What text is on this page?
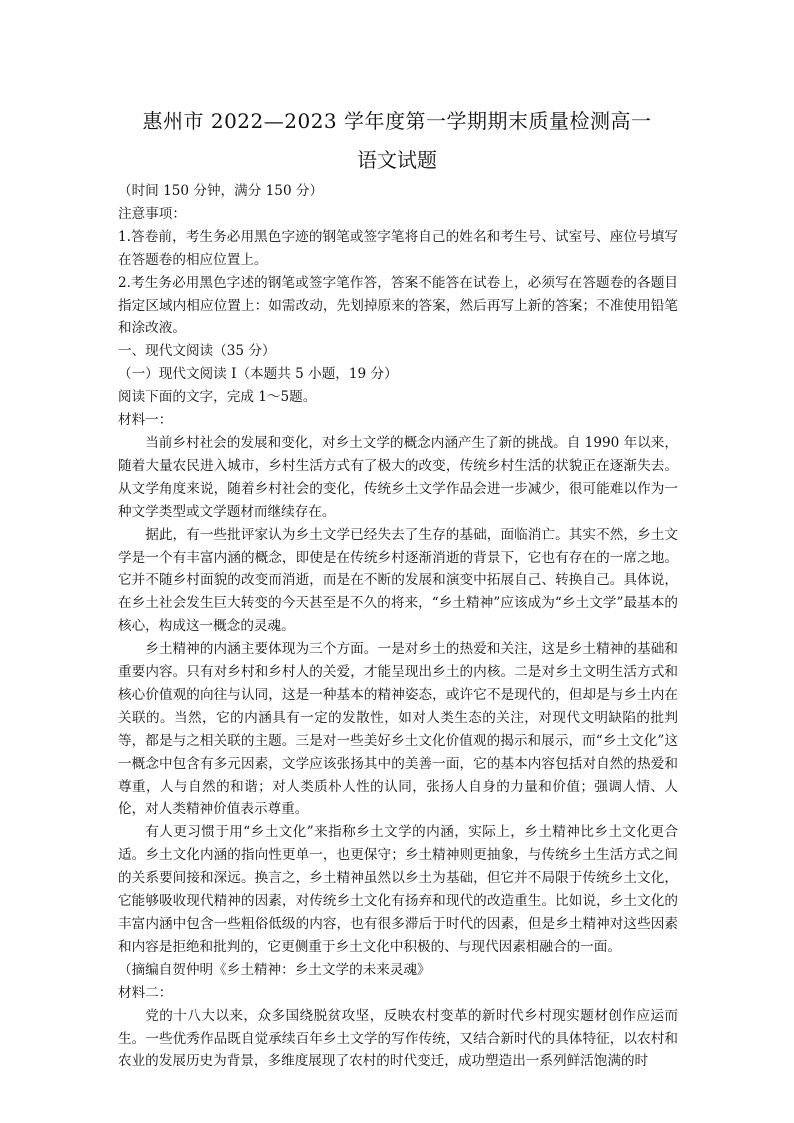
惠州市 2022—2023 学年度第一学期期末质量检测高一
语文试题

（时间 150 分钟，满分 150 分）

注意事项：

1.答卷前，考生务必用黑色字迹的钢笔或签字笔将自己的姓名和考生号、试室号、座位号填写在答题卷的相应位置上。

2.考生务必用黑色字述的钢笔或签字笔作答，答案不能答在试卷上，必须写在答题卷的各题目指定区域内相应位置上：如需改动，先划掉原来的答案，然后再写上新的答案；不准使用铅笔和涂改液。

一、现代文阅读（35 分）

（一）现代文阅读 I（本题共 5 小题，19 分）

阅读下面的文字，完成 1～5题。

材料一：

当前乡村社会的发展和变化，对乡土文学的概念内涵产生了新的挑战。自 1990 年以来，随着大量农民进入城市，乡村生活方式有了极大的改变，传统乡村生活的状貌正在逐渐失去。从文学角度来说，随着乡村社会的变化，传统乡土文学作品会进一步减少，很可能难以作为一种文学类型或文学题材而继续存在。

据此，有一些批评家认为乡土文学已经失去了生存的基础，面临消亡。其实不然，乡土文学是一个有丰富内涵的概念，即使是在传统乡村逐渐消逝的背景下，它也有存在的一席之地。它并不随乡村面貌的改变而消逝，而是在不断的发展和演变中拓展自己、转换自己。具体说，在乡土社会发生巨大转变的今天甚至是不久的将来，“乡土精神”应该成为“乡土文学”最基本的核心，构成这一概念的灵魂。

乡土精神的内涵主要体现为三个方面。一是对乡土的热爱和关注，这是乡土精神的基础和重要内容。只有对乡村和乡村人的关爱，才能呈现出乡土的内核。二是对乡土文明生活方式和核心价值观的向往与认同，这是一种基本的精神姿态，或许它不是现代的，但却是与乡土内在关联的。当然，它的内涵具有一定的发散性，如对人类生态的关注，对现代文明缺陷的批判等，都是与之相关联的主题。三是对一些美好乡土文化价值观的揭示和展示，而“乡土文化”这一概念中包含有多元因素，文学应该张扬其中的美善一面，它的基本内容包括对自然的热爱和尊重，人与自然的和谐；对人类质朴人性的认同，张扬人自身的力量和价值；强调人情、人伦，对人类精神价值表示尊重。

有人更习惯于用“乡土文化”来指称乡土文学的内涵，实际上，乡土精神比乡土文化更合适。乡土文化内涵的指向性更单一，也更保守；乡土精神则更抽象，与传统乡土生活方式之间的关系要间接和深远。换言之，乡土精神虽然以乡土为基础，但它并不局限于传统乡土文化，它能够吸收现代精神的因素，对传统乡土文化有扬弃和现代的改造重生。比如说，乡土文化的丰富内涵中包含一些粗俗低级的内容，也有很多滞后于时代的因素，但是乡土精神对这些因素和内容是拒绝和批判的，它更侧重于乡土文化中积极的、与现代因素相融合的一面。

（摘编自贺仲明《乡土精神：乡土文学的未来灵魂》

材料二：

党的十八大以来，众多国绕脱贫攻坚，反映农村变革的新时代乡村现实题材创作应运而生。一些优秀作品既自觉承续百年乡土文学的写作传统，又结合新时代的具体特征，以农村和农业的发展历史为背景，多维度展现了农村的时代变迁，成功塑造出一系列鲜活饱满的时
